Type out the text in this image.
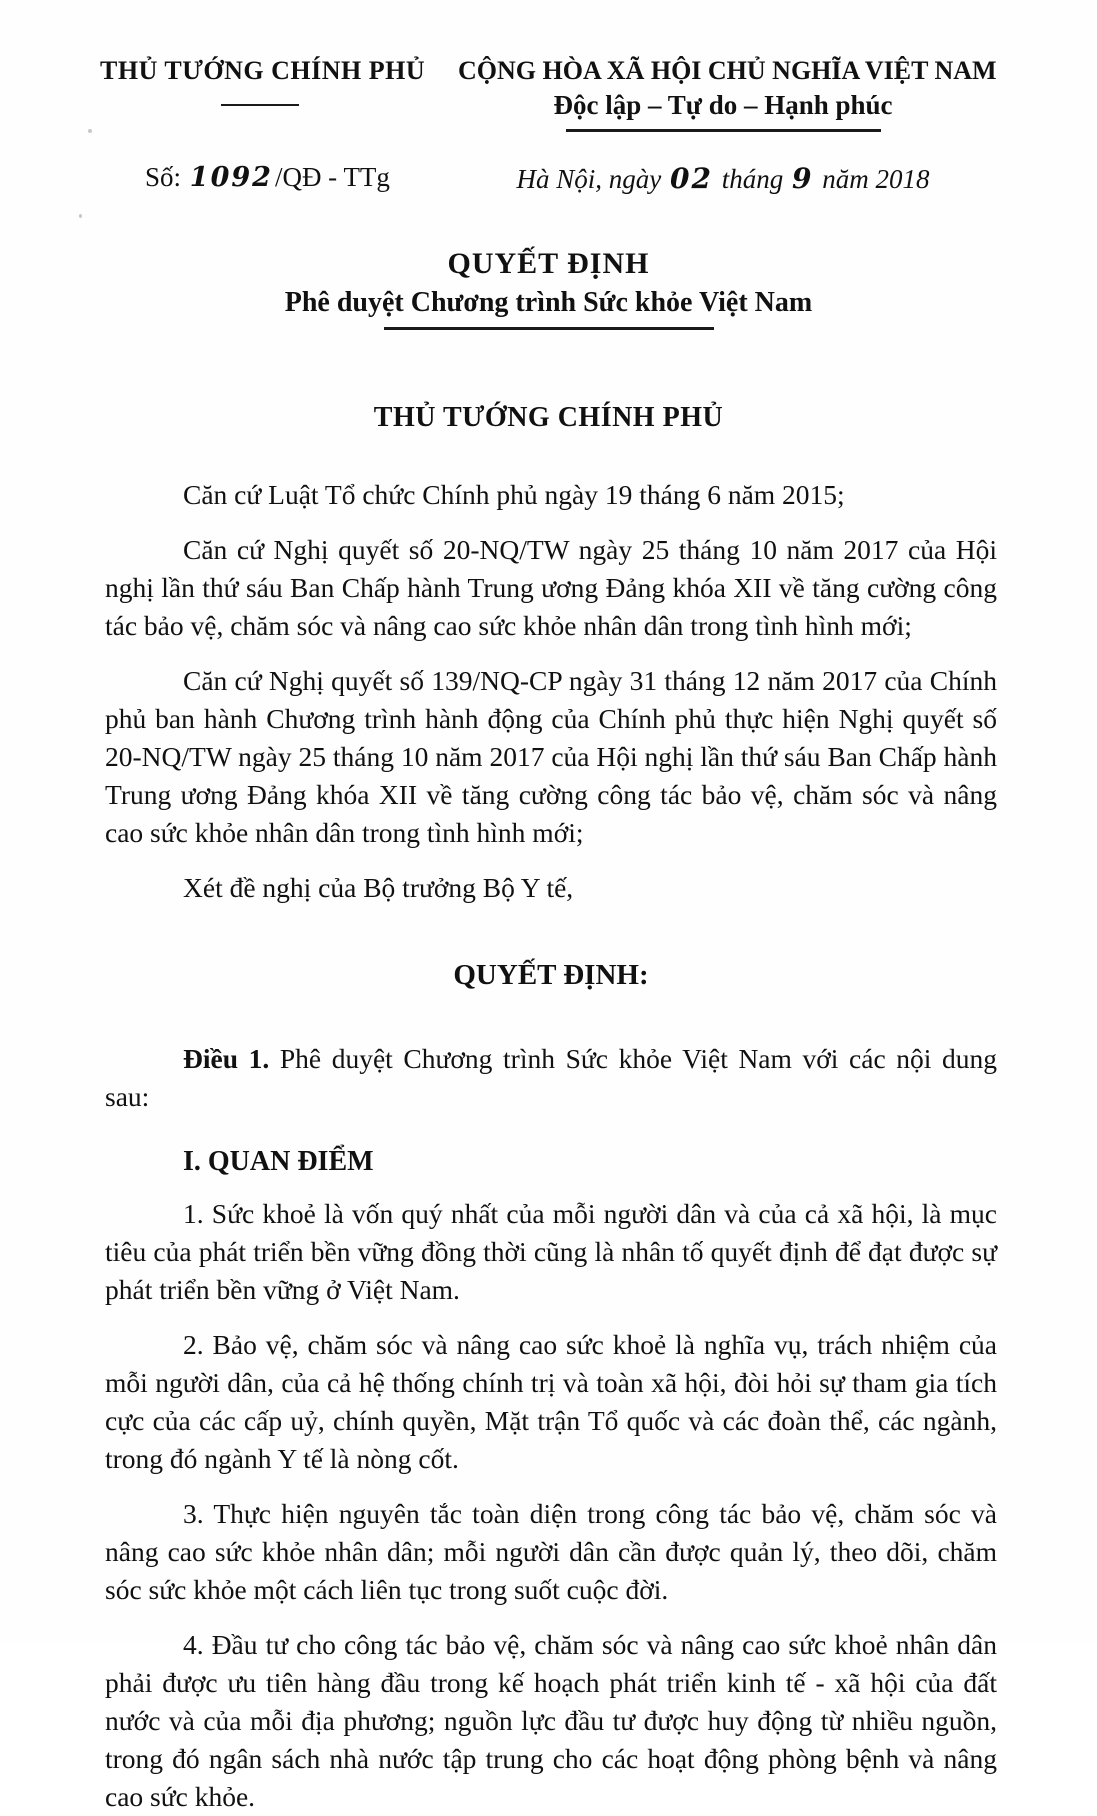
THỦ TƯỚNG CHÍNH PHỦ CỘNG HÒA XÃ HỘI CHỦ NGHĨA VIỆT NAM
Độc lập – Tự do – Hạnh phúc
Số: 1092/QĐ - TTg	Hà Nội, ngày 02 tháng 9 năm 2018
QUYẾT ĐỊNH
Phê duyệt Chương trình Sức khỏe Việt Nam
THỦ TƯỚNG CHÍNH PHỦ

Căn cứ Luật Tổ chức Chính phủ ngày 19 tháng 6 năm 2015;

Căn cứ Nghị quyết số 20-NQ/TW ngày 25 tháng 10 năm 2017 của Hội nghị lần thứ sáu Ban Chấp hành Trung ương Đảng khóa XII về tăng cường công tác bảo vệ, chăm sóc và nâng cao sức khỏe nhân dân trong tình hình mới;

Căn cứ Nghị quyết số 139/NQ-CP ngày 31 tháng 12 năm 2017 của Chính phủ ban hành Chương trình hành động của Chính phủ thực hiện Nghị quyết số 20-NQ/TW ngày 25 tháng 10 năm 2017 của Hội nghị lần thứ sáu Ban Chấp hành Trung ương Đảng khóa XII về tăng cường công tác bảo vệ, chăm sóc và nâng cao sức khỏe nhân dân trong tình hình mới;

Xét đề nghị của Bộ trưởng Bộ Y tế,

QUYẾT ĐỊNH:

Điều 1. Phê duyệt Chương trình Sức khỏe Việt Nam với các nội dung sau:

I. QUAN ĐIỂM

1. Sức khoẻ là vốn quý nhất của mỗi người dân và của cả xã hội, là mục tiêu của phát triển bền vững đồng thời cũng là nhân tố quyết định để đạt được sự phát triển bền vững ở Việt Nam.

2. Bảo vệ, chăm sóc và nâng cao sức khoẻ là nghĩa vụ, trách nhiệm của mỗi người dân, của cả hệ thống chính trị và toàn xã hội, đòi hỏi sự tham gia tích cực của các cấp uỷ, chính quyền, Mặt trận Tổ quốc và các đoàn thể, các ngành, trong đó ngành Y tế là nòng cốt.

3. Thực hiện nguyên tắc toàn diện trong công tác bảo vệ, chăm sóc và nâng cao sức khỏe nhân dân; mỗi người dân cần được quản lý, theo dõi, chăm sóc sức khỏe một cách liên tục trong suốt cuộc đời.

4. Đầu tư cho công tác bảo vệ, chăm sóc và nâng cao sức khoẻ nhân dân phải được ưu tiên hàng đầu trong kế hoạch phát triển kinh tế - xã hội của đất nước và của mỗi địa phương; nguồn lực đầu tư được huy động từ nhiều nguồn, trong đó ngân sách nhà nước tập trung cho các hoạt động phòng bệnh và nâng cao sức khỏe.
